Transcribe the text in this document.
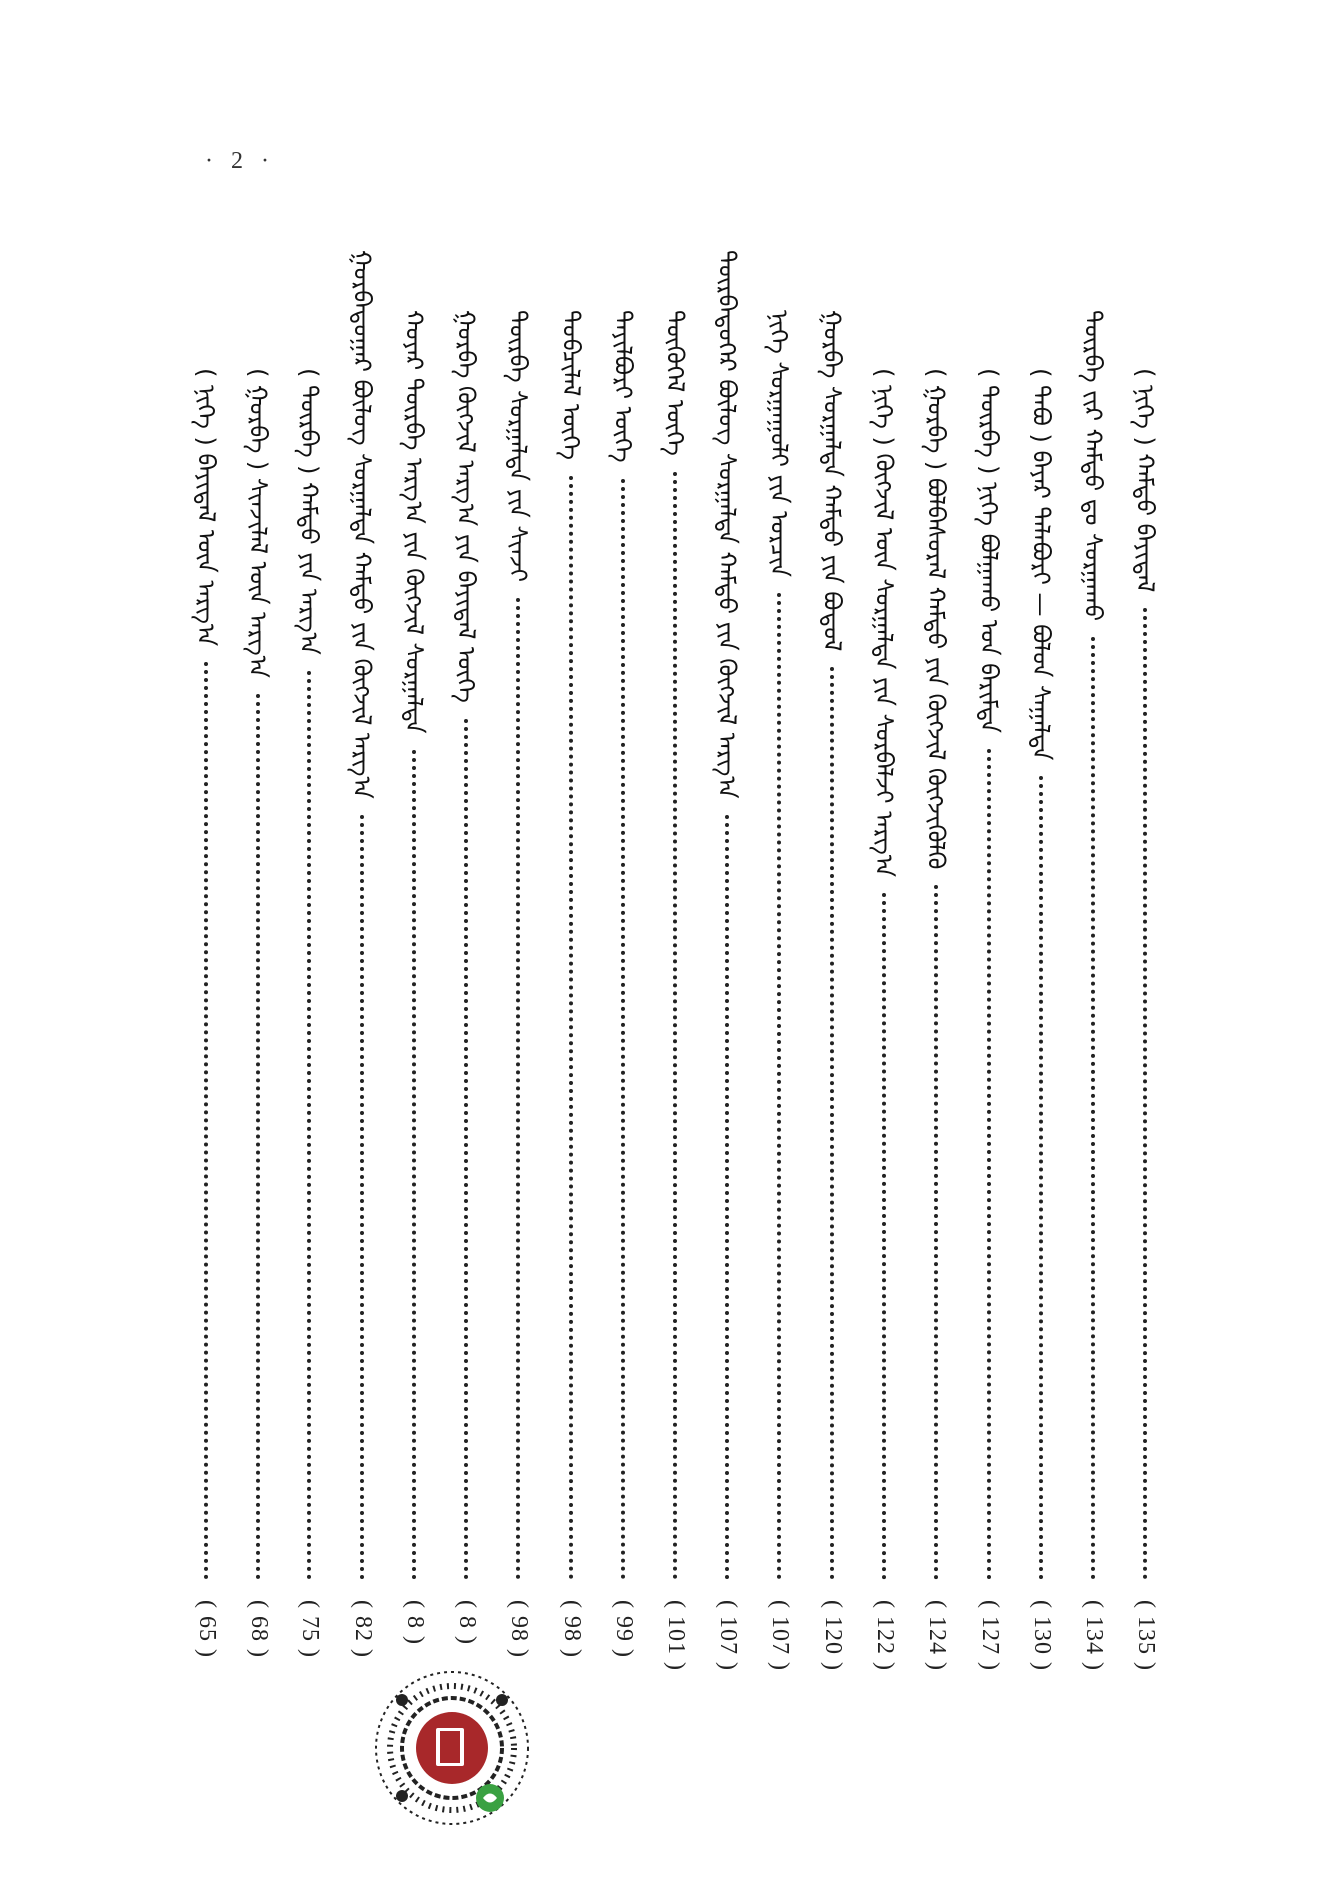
· 2 ·
( ᠨᠢᠭᠡ ) ᠬᠠᠮᠲᠤ ᠪᠠᠶᠢᠳᠠᠯ
( 135 )
ᠳᠥᠷᠪᠡ ᠵᠢᠷ ᠬᠠᠮᠲᠤ ᠳᠤ ᠰᠤᠷᠭᠠᠬᠤ
( 134 )
( ᠲᠠᠪᠤ ) ᠪᠠᠶᠠᠷ ᠲᠠᠯᠠᠪᠤᠷᠢ — ᠪᠣᠯᠤᠨ ᠰᠠᠭᠠᠯᠲᠠ
( 130 )
( ᠳᠥᠷᠪᠡ ) ᠨᠢᠭᠡ ᠪᠣᠯᠭᠠᠬᠤ ᠤᠨ ᠪᠠᠷᠢᠮᠲᠠ
( 127 )
( ᠭᠤᠷᠪᠠ ) ᠪᠣᠯᠪᠠᠰᠤᠷᠠᠯ ᠬᠠᠮᠲᠤ ᠶᠢᠨ ᠬᠥᠭᠵᠢᠯ ᠬᠥᠭᠵᠢᠭᠦᠯᠬᠦ
( 124 )
( ᠨᠢᠭᠡ ) ᠬᠥᠭᠵᠢᠯ ᠦᠨ ᠰᠤᠷᠭᠠᠯᠲᠠ ᠶᠢᠨ ᠰᠤᠷᠪᠠᠯᠵᠢ ᠠᠷᠭ᠎ᠠ
( 122 )
ᠭᠤᠷᠪᠠ ᠰᠤᠷᠭᠠᠯᠲᠠ ᠬᠠᠮᠲᠤ ᠶᠢᠨ ᠪᠣᠳᠣᠯ
( 120 )
ᠨᠢᠭᠡ ᠰᠤᠷᠭᠠᠭᠤᠯᠢ ᠶᠢᠨ ᠣᠷᠴᠢᠨ
( 107 )
ᠳᠥᠷᠪᠡᠳᠦᠭᠡᠷ ᠪᠦᠯᠦᠭ ᠰᠤᠷᠭᠠᠯᠲᠠ ᠬᠠᠮᠲᠤ ᠶᠢᠨ ᠬᠥᠭᠵᠢᠯ ᠠᠷᠭ᠎ᠠ
( 107 )
ᠲᠥᠭᠦᠭᠡᠯ ᠦᠭᠡ
( 101 )
ᠲᠠᠶᠢᠯᠪᠤᠷᠢ ᠦᠭᠡ
( 99 )
ᠲᠣᠪᠴᠢᠯᠠᠯ ᠦᠭᠡ
( 98 )
ᠳᠥᠷᠪᠡ ᠰᠤᠷᠭᠠᠯᠲᠠ ᠶᠢᠨ ᠰᠢᠨᠵᠢ
( 98 )
ᠭᠤᠷᠪᠠ ᠬᠥᠭᠵᠢᠯ ᠠᠷᠭ᠎ᠠ ᠶᠢᠨ ᠪᠠᠶᠢᠳᠠᠯ ᠦᠭᠡ
( 8 )
ᠬᠣᠶᠠᠷ ᠳᠥᠷᠪᠡ ᠠᠷᠭ᠎ᠠ ᠶᠢᠨ ᠬᠥᠭᠵᠢᠯ ᠰᠤᠷᠭᠠᠯᠲᠠ
( 8 )
ᠭᠤᠷᠪᠠᠳᠤᠭᠠᠷ ᠪᠦᠯᠦᠭ ᠰᠤᠷᠭᠠᠯᠲᠠ ᠬᠠᠮᠲᠤ ᠶᠢᠨ ᠬᠥᠭᠵᠢᠯ ᠠᠷᠭ᠎ᠠ
( 82 )
( ᠳᠥᠷᠪᠡ ) ᠬᠠᠮᠲᠤ ᠶᠢᠨ ᠠᠷᠭ᠎ᠠ
( 75 )
( ᠭᠤᠷᠪᠠ ) ᠰᠢᠨᠵᠢᠯᠡᠯ ᠦᠨ ᠠᠷᠭ᠎ᠠ
( 68 )
( ᠨᠢᠭᠡ ) ᠪᠠᠶᠢᠳᠠᠯ ᠦᠨ ᠠᠷᠭ᠎ᠠ
( 65 )
